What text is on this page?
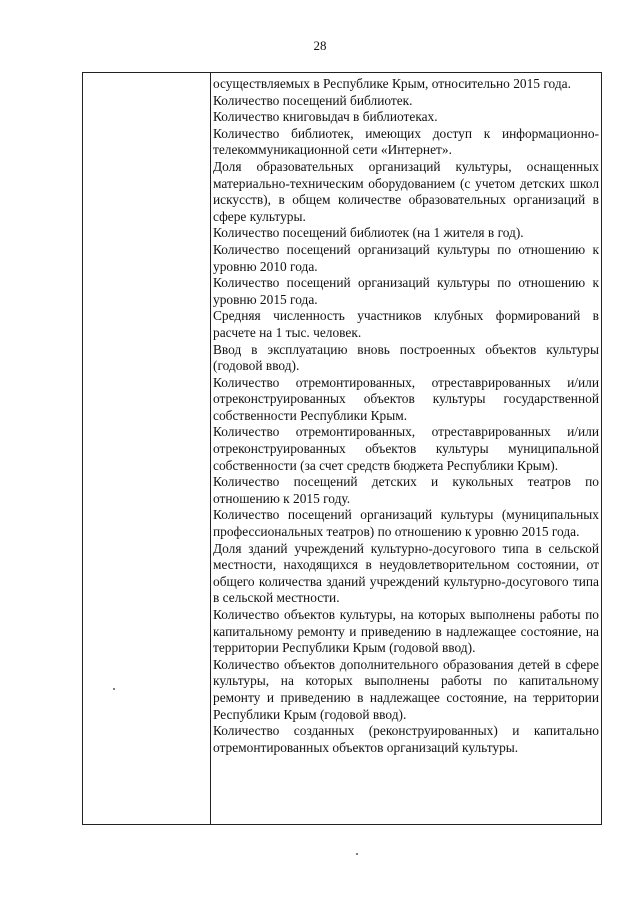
28

осуществляемых в Республике Крым, относительно 2015 года.

Количество посещений библиотек.

Количество книговыдач в библиотеках.

Количество библиотек, имеющих доступ к информационно-телекоммуникационной сети «Интернет».

Доля образовательных организаций культуры, оснащенных материально-техническим оборудованием (с учетом детских школ искусств), в общем количестве образовательных организаций в сфере культуры.

Количество посещений библиотек (на 1 жителя в год).

Количество посещений организаций культуры по отношению к уровню 2010 года.

Количество посещений организаций культуры по отношению к уровню 2015 года.

Средняя численность участников клубных формирований в расчете на 1 тыс. человек.

Ввод в эксплуатацию вновь построенных объектов культуры (годовой ввод).

Количество отремонтированных, отреставрированных и/или отреконструированных объектов культуры государственной собственности Республики Крым.

Количество отремонтированных, отреставрированных и/или отреконструированных объектов культуры муниципальной собственности (за счет средств бюджета Республики Крым).

Количество посещений детских и кукольных театров по отношению к 2015 году.

Количество посещений организаций культуры (муниципальных профессиональных театров) по отношению к уровню 2015 года.

Доля зданий учреждений культурно-досугового типа в сельской местности, находящихся в неудовлетворительном состоянии, от общего количества зданий учреждений культурно-досугового типа в сельской местности.

Количество объектов культуры, на которых выполнены работы по капитальному ремонту и приведению в надлежащее состояние, на территории Республики Крым (годовой ввод).

Количество объектов дополнительного образования детей в сфере культуры, на которых выполнены работы по капитальному ремонту и приведению в надлежащее состояние, на территории Республики Крым (годовой ввод).

Количество созданных (реконструированных) и капитально отремонтированных объектов организаций культуры.
